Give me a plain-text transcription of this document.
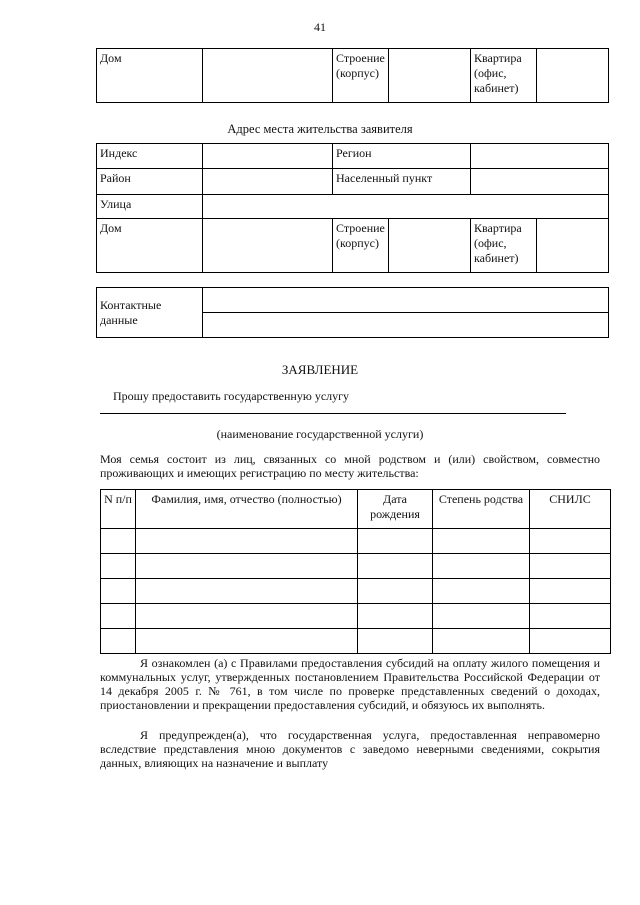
41
Дом		Строение (корпус)		Квартира (офис, кабинет)	
Адрес места жительства заявителя
Индекс		Регион			
Район		Населенный пункт			
Улица					
Дом		Строение (корпус)		Квартира (офис, кабинет)	
Контактные данные	

ЗАЯВЛЕНИЕ
Прошу предоставить государственную услугу
(наименование государственной услуги)
Моя семья состоит из лиц, связанных со мной родством и (или) свойством, совместно проживающих и имеющих регистрацию по месту жительства:
N п/п	Фамилия, имя, отчество (полностью)	Дата рождения	Степень родства	СНИЛС

Я ознакомлен (а) с Правилами предоставления субсидий на оплату жилого помещения и коммунальных услуг, утвержденных постановлением Правительства Российской Федерации от 14 декабря 2005 г. № 761, в том числе по проверке представленных сведений о доходах, приостановлении и прекращении предоставления субсидий, и обязуюсь их выполнять.
Я предупрежден(а), что государственная услуга, предоставленная неправомерно вследствие представления мною документов с заведомо неверными сведениями, сокрытия данных, влияющих на назначение и выплату
